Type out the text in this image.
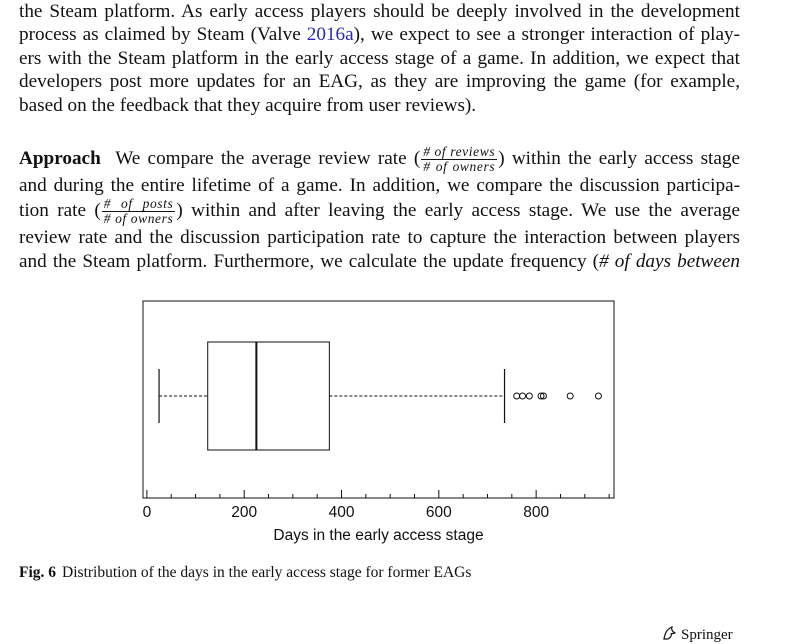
the Steam platform. As early access players should be deeply involved in the development
process as claimed by Steam (Valve 2016a), we expect to see a stronger interaction of play-
ers with the Steam platform in the early access stage of a game. In addition, we expect that
developers post more updates for an EAG, as they are improving the game (for example,
based on the feedback that they acquire from user reviews).
Approach We compare the average review rate ( $\frac{\text{\# of reviews}}{\text{\# of owners}}$ ) within the early access stage
and during the entire lifetime of a game. In addition, we compare the discussion participa-
tion rate ( $\frac{\text{\# of posts}}{\text{\# of owners}}$ ) within and after leaving the early access stage. We use the average
review rate and the discussion participation rate to capture the interaction between players
and the Steam platform. Furthermore, we calculate the update frequency (# of days between
0	200	400	600	800
Days in the early access stage
Fig. 6 Distribution of the days in the early access stage for former EAGs
Springer
